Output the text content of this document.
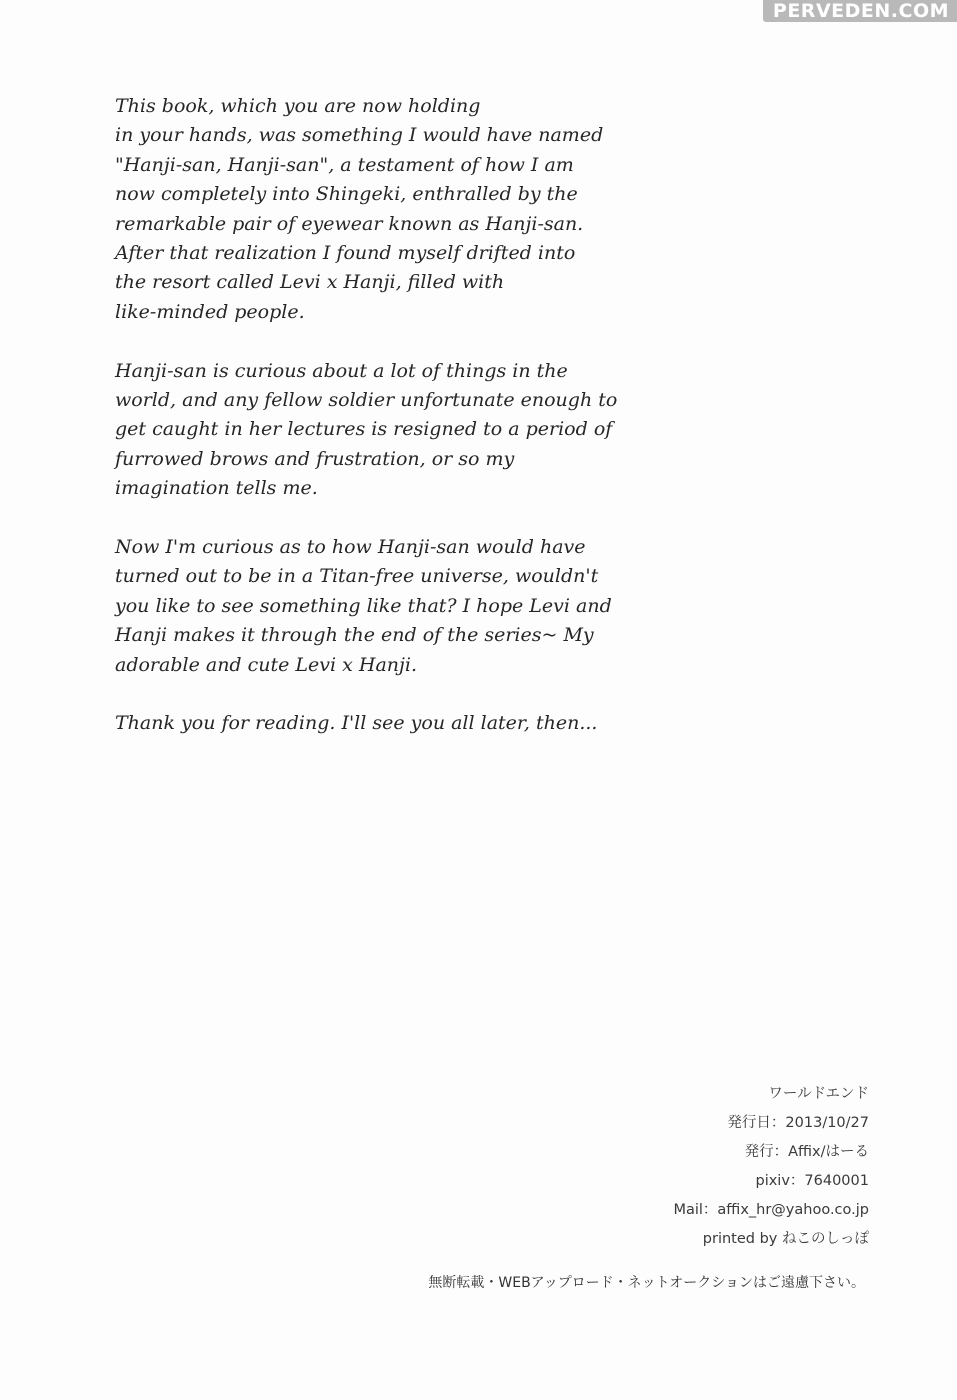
PERVEDEN.COM
This book, which you are now holding
in your hands, was something I would have named
"Hanji-san, Hanji-san", a testament of how I am
now completely into Shingeki, enthralled by the
remarkable pair of eyewear known as Hanji-san.
After that realization I found myself drifted into
the resort called Levi x Hanji, filled with
like-minded people.
Hanji-san is curious about a lot of things in the
world, and any fellow soldier unfortunate enough to
get caught in her lectures is resigned to a period of
furrowed brows and frustration, or so my
imagination tells me.
Now I'm curious as to how Hanji-san would have
turned out to be in a Titan-free universe, wouldn't
you like to see something like that? I hope Levi and
Hanji makes it through the end of the series~ My
adorable and cute Levi x Hanji.
Thank you for reading. I'll see you all later, then...
ワールドエンド
発行日：2013/10/27
発行：Affix/はーる
pixiv：7640001
Mail：affix_hr@yahoo.co.jp
printed by ねこのしっぽ
無断転載・WEBアップロード・ネットオークションはご遠慮下さい。
